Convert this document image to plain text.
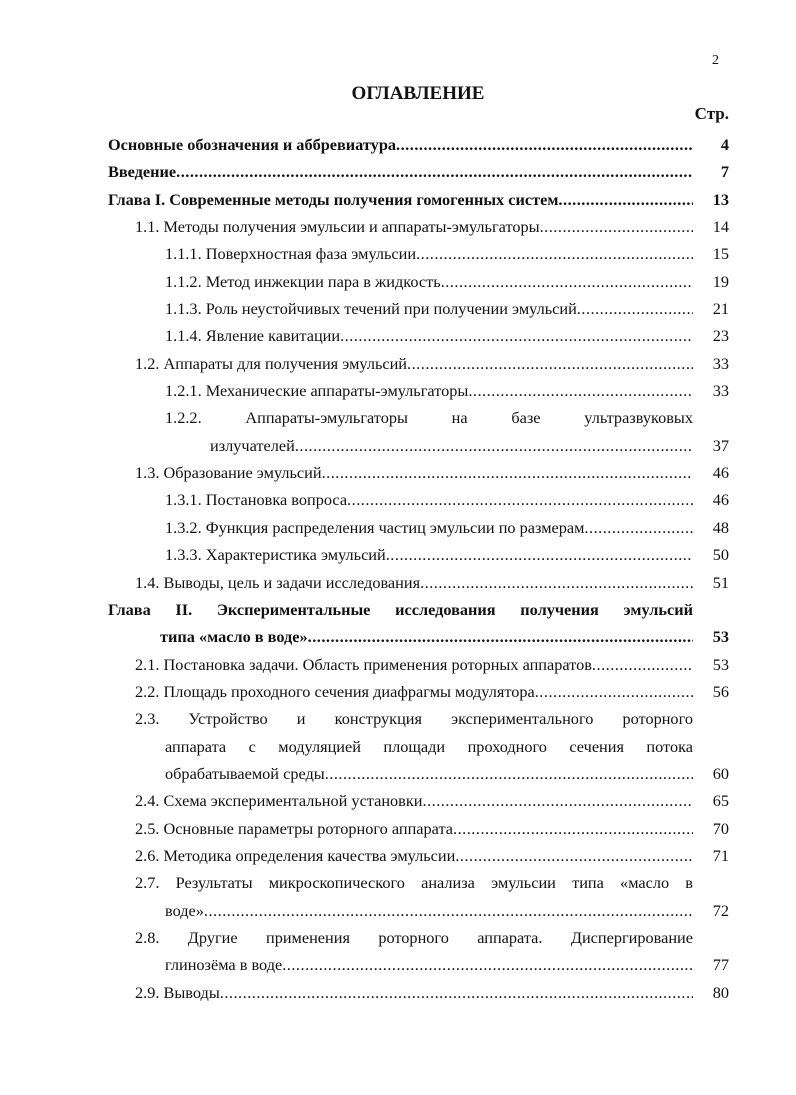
2
ОГЛАВЛЕНИЕ
Стр.
Основные обозначения и аббревиатура .....	4
Введение .....	7
Глава I. Современные методы получения гомогенных систем .....	13
1.1. Методы получения эмульсии и аппараты-эмульгаторы .....	14
1.1.1. Поверхностная фаза эмульсии .....	15
1.1.2. Метод инжекции пара в жидкость .....	19
1.1.3. Роль неустойчивых течений при получении эмульсий .....	21
1.1.4. Явление кавитации .....	23
1.2. Аппараты для получения эмульсий .....	33
1.2.1. Механические аппараты-эмульгаторы .....	33
1.2.2. Аппараты-эмульгаторы на базе ультразвуковых
излучателей .....	37
1.3. Образование эмульсий .....	46
1.3.1. Постановка вопроса .....	46
1.3.2. Функция распределения частиц эмульсии по размерам .....	48
1.3.3. Характеристика эмульсий .....	50
1.4. Выводы, цель и задачи исследования .....	51
Глава II. Экспериментальные исследования получения эмульсий
типа «масло в воде» .....	53
2.1. Постановка задачи. Область применения роторных аппаратов .....	53
2.2. Площадь проходного сечения диафрагмы модулятора .....	56
2.3. Устройство и конструкция экспериментального роторного
аппарата с модуляцией площади проходного сечения потока
обрабатываемой среды .....	60
2.4. Схема экспериментальной установки .....	65
2.5. Основные параметры роторного аппарата .....	70
2.6. Методика определения качества эмульсии .....	71
2.7. Результаты микроскопического анализа эмульсии типа «масло в
воде» .....	72
2.8. Другие применения роторного аппарата. Диспергирование
глинозёма в воде .....	77
2.9. Выводы .....	80
